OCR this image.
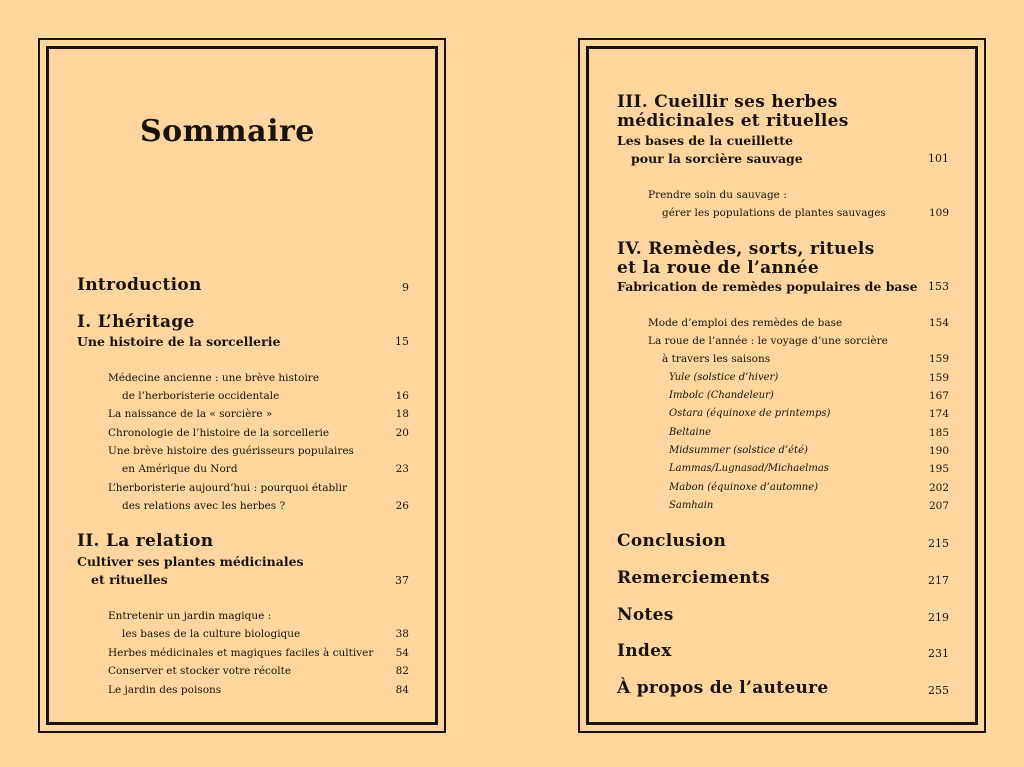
Sommaire
Introduction	9
I. L’héritage
Une histoire de la sorcellerie	15
Médecine ancienne : une brève histoire
de l’herboristerie occidentale	16
La naissance de la « sorcière »	18
Chronologie de l’histoire de la sorcellerie	20
Une brève histoire des guérisseurs populaires
en Amérique du Nord	23
L’herboristerie aujourd’hui : pourquoi établir
des relations avec les herbes ?	26
II. La relation
Cultiver ses plantes médicinales
et rituelles	37
Entretenir un jardin magique :
les bases de la culture biologique	38
Herbes médicinales et magiques faciles à cultiver	54
Conserver et stocker votre récolte	82
Le jardin des poisons	84
III. Cueillir ses herbes
médicinales et rituelles
Les bases de la cueillette
pour la sorcière sauvage	101
Prendre soin du sauvage :
gérer les populations de plantes sauvages	109
IV. Remèdes, sorts, rituels
et la roue de l’année
Fabrication de remèdes populaires de base 153
Mode d’emploi des remèdes de base	154
La roue de l’année : le voyage d’une sorcière
à travers les saisons	159
Yule (solstice d’hiver)	159
Imbolc (Chandeleur)	167
Ostara (équinoxe de printemps)	174
Beltaine	185
Midsummer (solstice d’été)	190
Lammas/Lugnasad/Michaelmas	195
Mabon (équinoxe d’automne)	202
Samhain	207
Conclusion	215
Remerciements	217
Notes	219
Index	231
À propos de l’auteure	255
